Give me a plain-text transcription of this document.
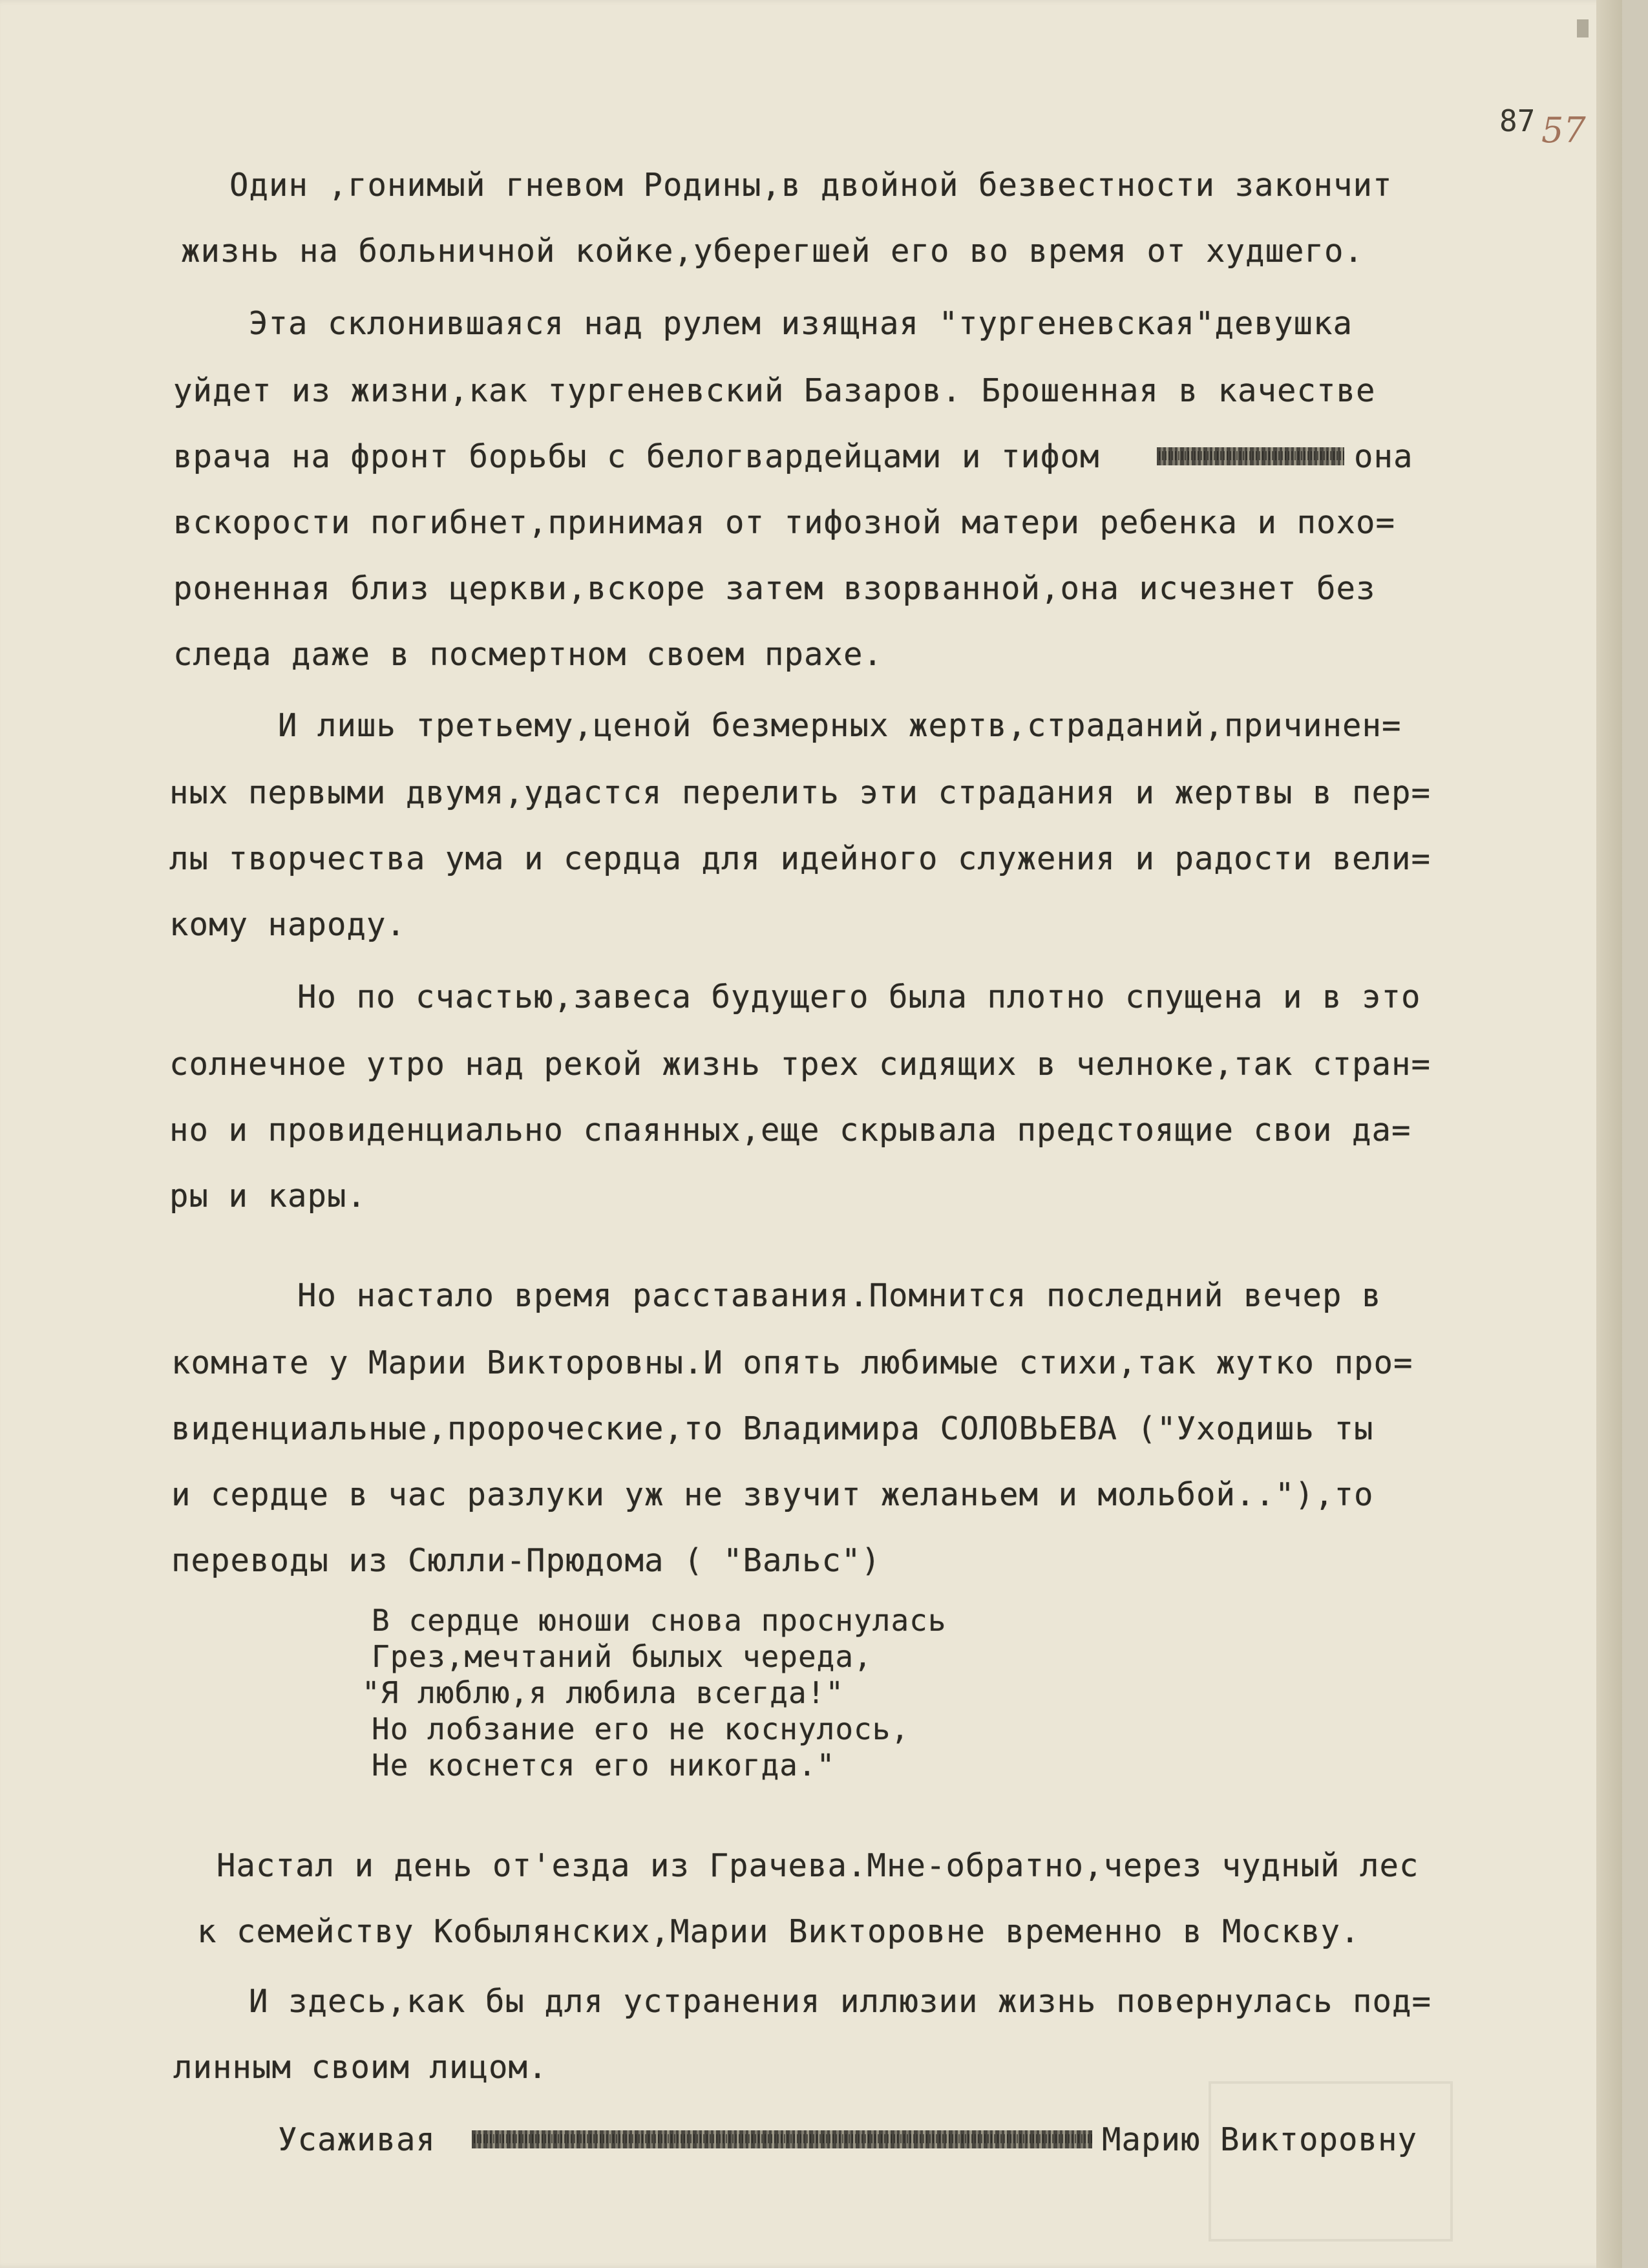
87 57
Один ,гонимый гневом Родины,в двойной безвестности закончит
жизнь на больничной койке,уберегшей его во время от худшего.
Эта склонившаяся над рулем изящная "тургеневская"девушка
уйдет из жизни,как тургеневский Базаров. Брошенная в качестве
врача на фронт борьбы с белогвардейцами и тифом	она
вскорости погибнет,принимая от тифозной матери ребенка и похо=
роненная близ церкви,вскоре затем взорванной,она исчезнет без
следа даже в посмертном своем прахе.
И лишь третьему,ценой безмерных жертв,страданий,причинен=
ных первыми двумя,удастся перелить эти страдания и жертвы в пер=
лы творчества ума и сердца для идейного служения и радости вели=
кому народу.
Но по счастью,завеса будущего была плотно спущена и в это
солнечное утро над рекой жизнь трех сидящих в челноке,так стран=
но и провиденциально спаянных,еще скрывала предстоящие свои да=
ры и кары.
Но настало время расставания.Помнится последний вечер в
комнате у Марии Викторовны.И опять любимые стихи,так жутко про=
виденциальные,пророческие,то Владимира СОЛОВЬЕВА ("Уходишь ты
и сердце в час разлуки уж не звучит желаньем и мольбой.."),то
переводы из Сюлли-Прюдома ( "Вальс")
В сердце юноши снова проснулась
Грез,мечтаний былых череда,
"Я люблю,я любила всегда!"
Но лобзание его не коснулось,
Не коснется его никогда."
Настал и день от'езда из Грачева.Мне-обратно,через чудный лес
к семейству Кобылянских,Марии Викторовне временно в Москву.
И здесь,как бы для устранения иллюзии жизнь повернулась под=
линным своим лицом.
Усаживая	Марию Викторовну
